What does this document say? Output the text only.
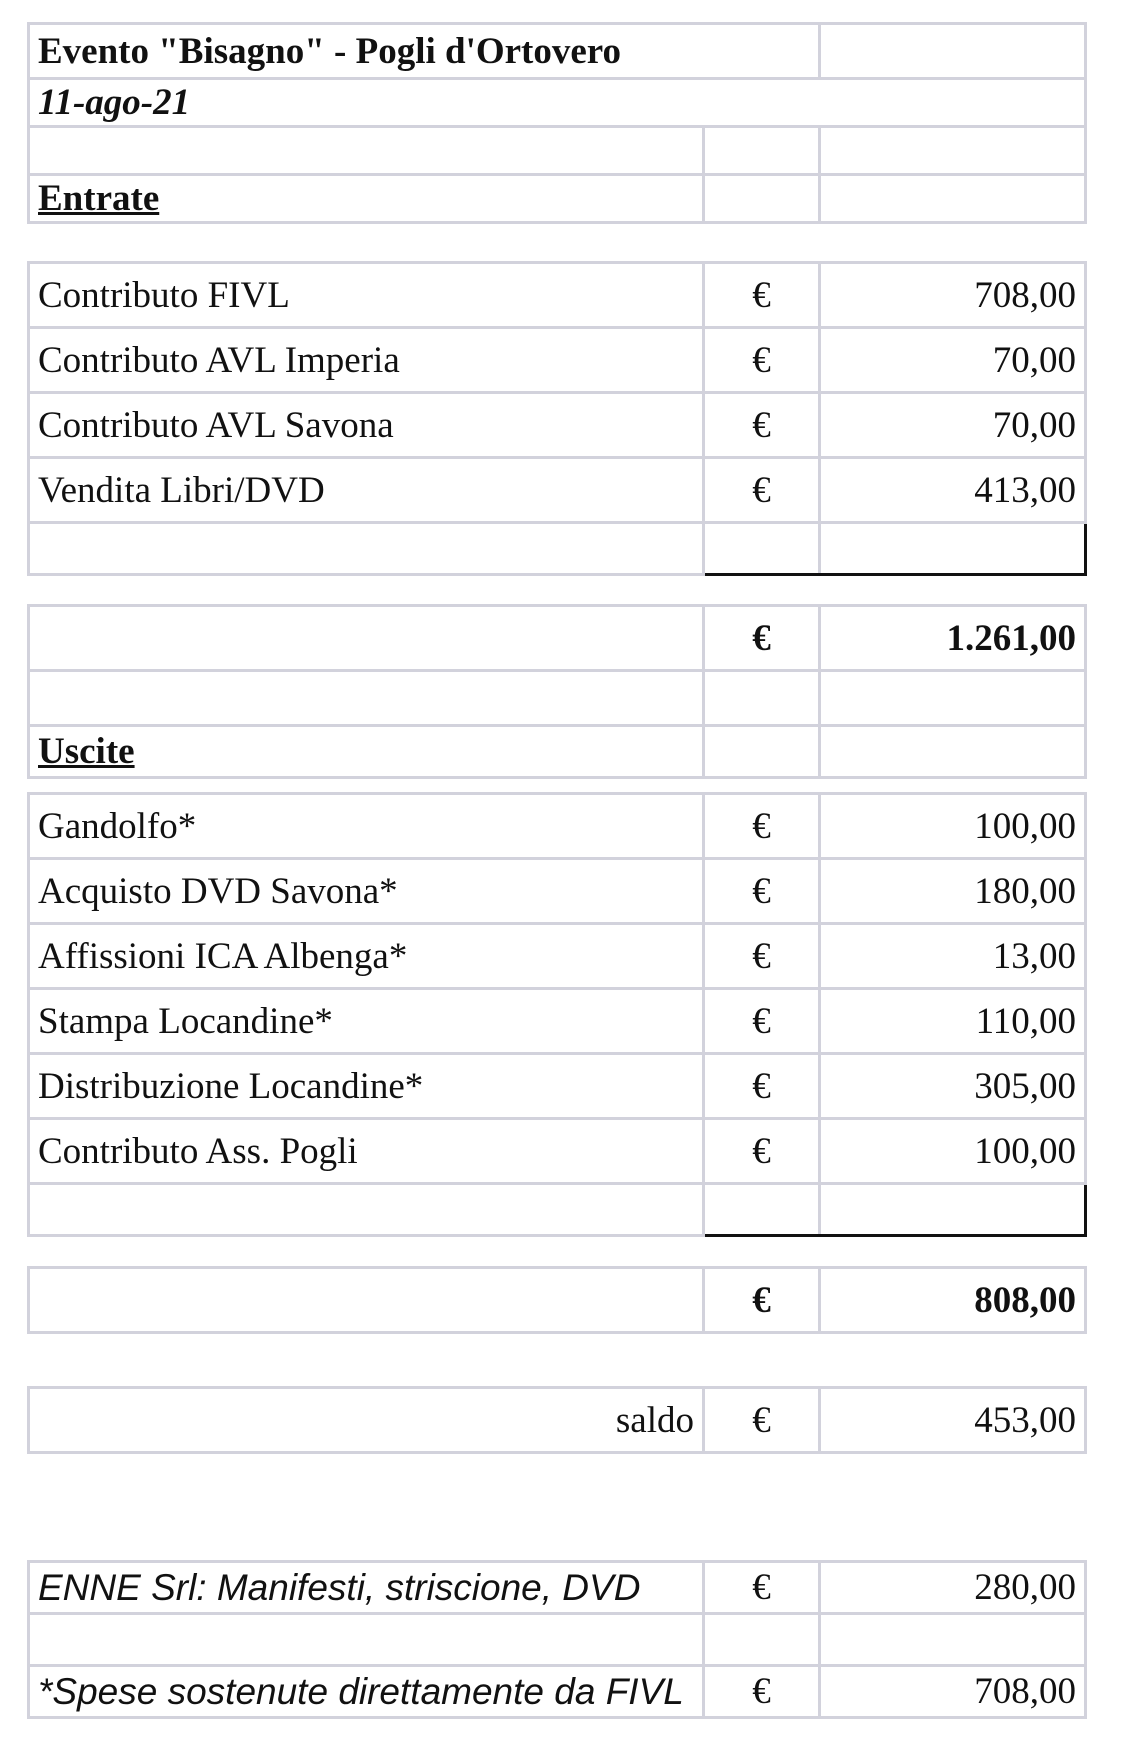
Evento "Bisagno" - Pogli d'Ortovero		
11-ago-21		

Entrate		
Contributo FIVL	€	708,00
Contributo AVL Imperia	€	70,00
Contributo AVL Savona	€	70,00
Vendita Libri/DVD	€	413,00

	€	1.261,00

Uscite		
Gandolfo*	€	100,00
Acquisto DVD Savona*	€	180,00
Affissioni ICA Albenga*	€	13,00
Stampa Locandine*	€	110,00
Distribuzione Locandine*	€	305,00
Contributo Ass. Pogli	€	100,00

	€	808,00
saldo	€	453,00
ENNE Srl: Manifesti, striscione, DVD	€	280,00

*Spese sostenute direttamente da FIVL	€	708,00
